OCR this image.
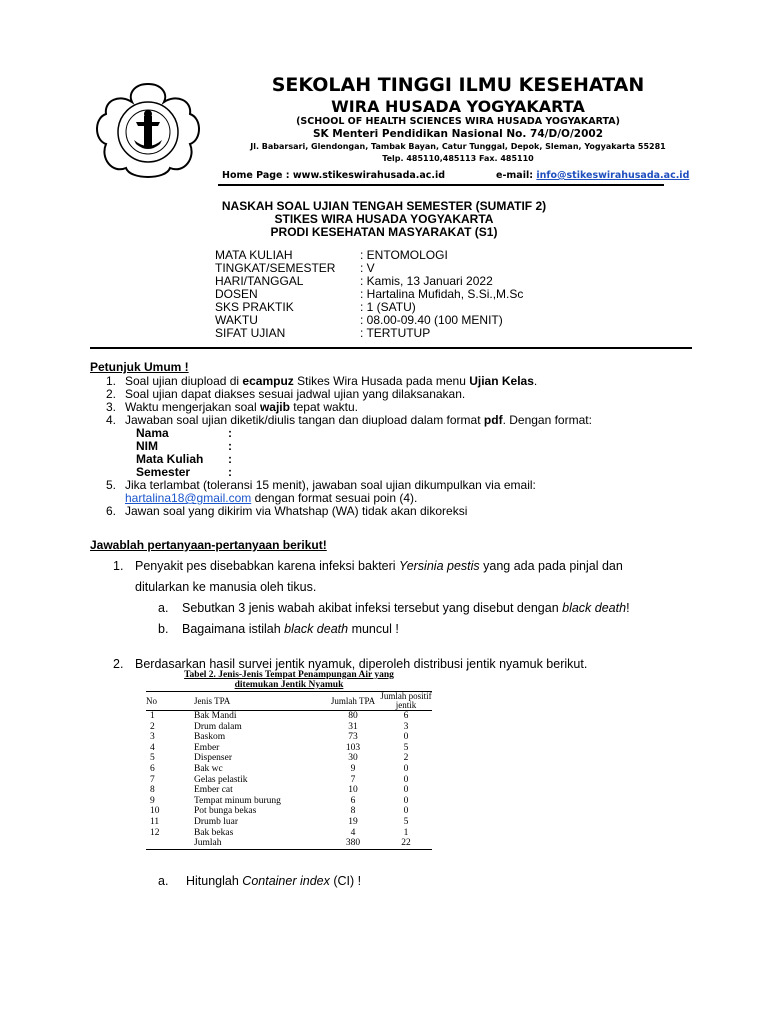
SEKOLAH TINGGI ILMU KESEHATAN
WIRA HUSADA YOGYAKARTA
(SCHOOL OF HEALTH SCIENCES WIRA HUSADA YOGYAKARTA)
SK Menteri Pendidikan Nasional No. 74/D/O/2002
Jl. Babarsari, Glendongan, Tambak Bayan, Catur Tunggal, Depok, Sleman, Yogyakarta 55281
Telp. 485110,485113 Fax. 485110
Home Page : www.stikeswirahusada.ac.id	e-mail: info@stikeswirahusada.ac.id
NASKAH SOAL UJIAN TENGAH SEMESTER (SUMATIF 2)
STIKES WIRA HUSADA YOGYAKARTA
PRODI KESEHATAN MASYARAKAT (S1)
MATA KULIAH	: ENTOMOLOGI
TINGKAT/SEMESTER	: V
HARI/TANGGAL	: Kamis, 13 Januari 2022
DOSEN	: Hartalina Mufidah, S.Si.,M.Sc
SKS PRAKTIK	: 1 (SATU)
WAKTU	: 08.00-09.40 (100 MENIT)
SIFAT UJIAN	: TERTUTUP
Petunjuk Umum !
1. Soal ujian diupload di ecampuz Stikes Wira Husada pada menu Ujian Kelas.
2. Soal ujian dapat diakses sesuai jadwal ujian yang dilaksanakan.
3. Waktu mengerjakan soal wajib tepat waktu.
4. Jawaban soal ujian diketik/diulis tangan dan diupload dalam format pdf. Dengan format:
Nama	:
NIM	:
Mata Kuliah	:
Semester	:
5. Jika terlambat (toleransi 15 menit), jawaban soal ujian dikumpulkan via email:
hartalina18@gmail.com dengan format sesuai poin (4).
6. Jawan soal yang dikirim via Whatshap (WA) tidak akan dikoreksi
Jawablah pertanyaan-pertanyaan berikut!
1. Penyakit pes disebabkan karena infeksi bakteri Yersinia pestis yang ada pada pinjal dan
ditularkan ke manusia oleh tikus.
a.	Sebutkan 3 jenis wabah akibat infeksi tersebut yang disebut dengan black death!
b.	Bagaimana istilah black death muncul !
2. Berdasarkan hasil survei jentik nyamuk, diperoleh distribusi jentik nyamuk berikut.
Tabel 2. Jenis-Jenis Tempat Penampungan Air yang
ditemukan Jentik Nyamuk
No	Jenis TPA	Jumlah TPA	Jumlah positif jentik
1	Bak Mandi	80	6
2	Drum dalam	31	3
3	Baskom	73	0
4	Ember	103	5
5	Dispenser	30	2
6	Bak wc	9	0
7	Gelas pelastik	7	0
8	Ember cat	10	0
9	Tempat minum burung	6	0
10	Pot bunga bekas	8	0
11	Drumb luar	19	5
12	Bak bekas	4	1
	Jumlah	380	22
a. Hitunglah Container index (CI) !
